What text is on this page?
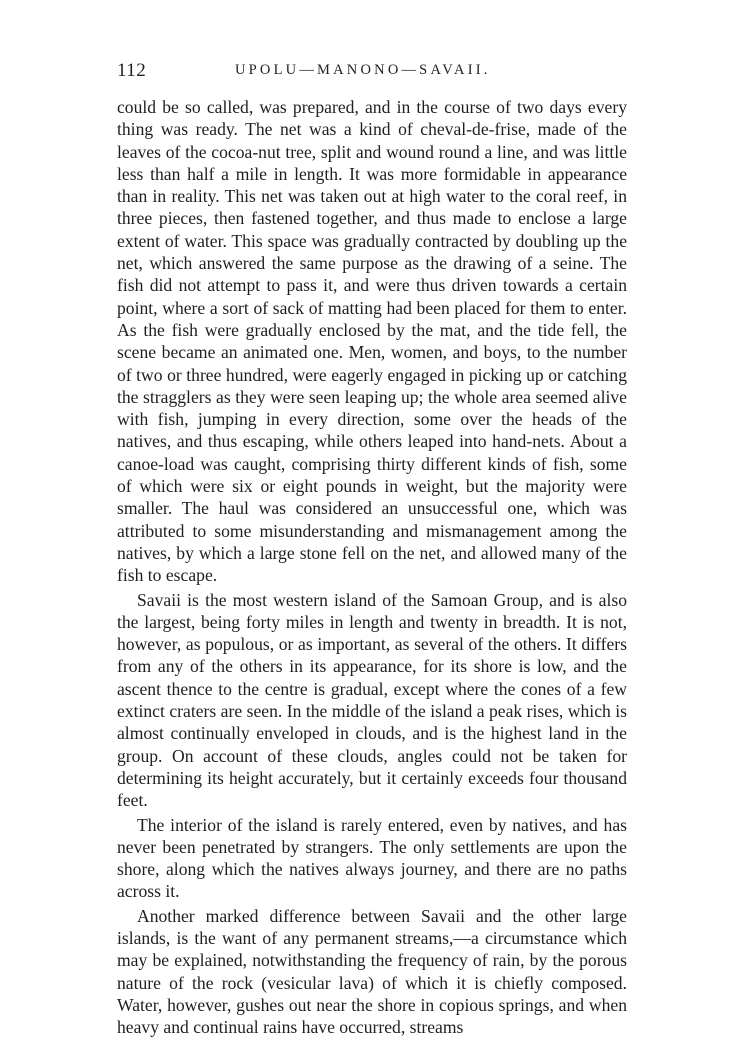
112	UPOLU—MANONO—SAVAII.

could be so called, was prepared, and in the course of two days every thing was ready. The net was a kind of cheval-de-frise, made of the leaves of the cocoa-nut tree, split and wound round a line, and was little less than half a mile in length. It was more formidable in appearance than in reality. This net was taken out at high water to the coral reef, in three pieces, then fastened together, and thus made to enclose a large extent of water. This space was gradually contracted by doubling up the net, which answered the same purpose as the drawing of a seine. The fish did not attempt to pass it, and were thus driven towards a certain point, where a sort of sack of matting had been placed for them to enter. As the fish were gradually enclosed by the mat, and the tide fell, the scene became an animated one. Men, women, and boys, to the number of two or three hundred, were eagerly engaged in picking up or catching the stragglers as they were seen leaping up; the whole area seemed alive with fish, jumping in every direction, some over the heads of the natives, and thus escaping, while others leaped into hand-nets. About a canoe-load was caught, comprising thirty different kinds of fish, some of which were six or eight pounds in weight, but the majority were smaller. The haul was considered an unsuccessful one, which was attributed to some misunderstanding and mismanagement among the natives, by which a large stone fell on the net, and allowed many of the fish to escape.

Savaii is the most western island of the Samoan Group, and is also the largest, being forty miles in length and twenty in breadth. It is not, however, as populous, or as important, as several of the others. It differs from any of the others in its appearance, for its shore is low, and the ascent thence to the centre is gradual, except where the cones of a few extinct craters are seen. In the middle of the island a peak rises, which is almost continually enveloped in clouds, and is the highest land in the group. On account of these clouds, angles could not be taken for determining its height accurately, but it certainly exceeds four thousand feet.

The interior of the island is rarely entered, even by natives, and has never been penetrated by strangers. The only settlements are upon the shore, along which the natives always journey, and there are no paths across it.

Another marked difference between Savaii and the other large islands, is the want of any permanent streams,—a circumstance which may be explained, notwithstanding the frequency of rain, by the porous nature of the rock (vesicular lava) of which it is chiefly composed. Water, however, gushes out near the shore in copious springs, and when heavy and continual rains have occurred, streams
